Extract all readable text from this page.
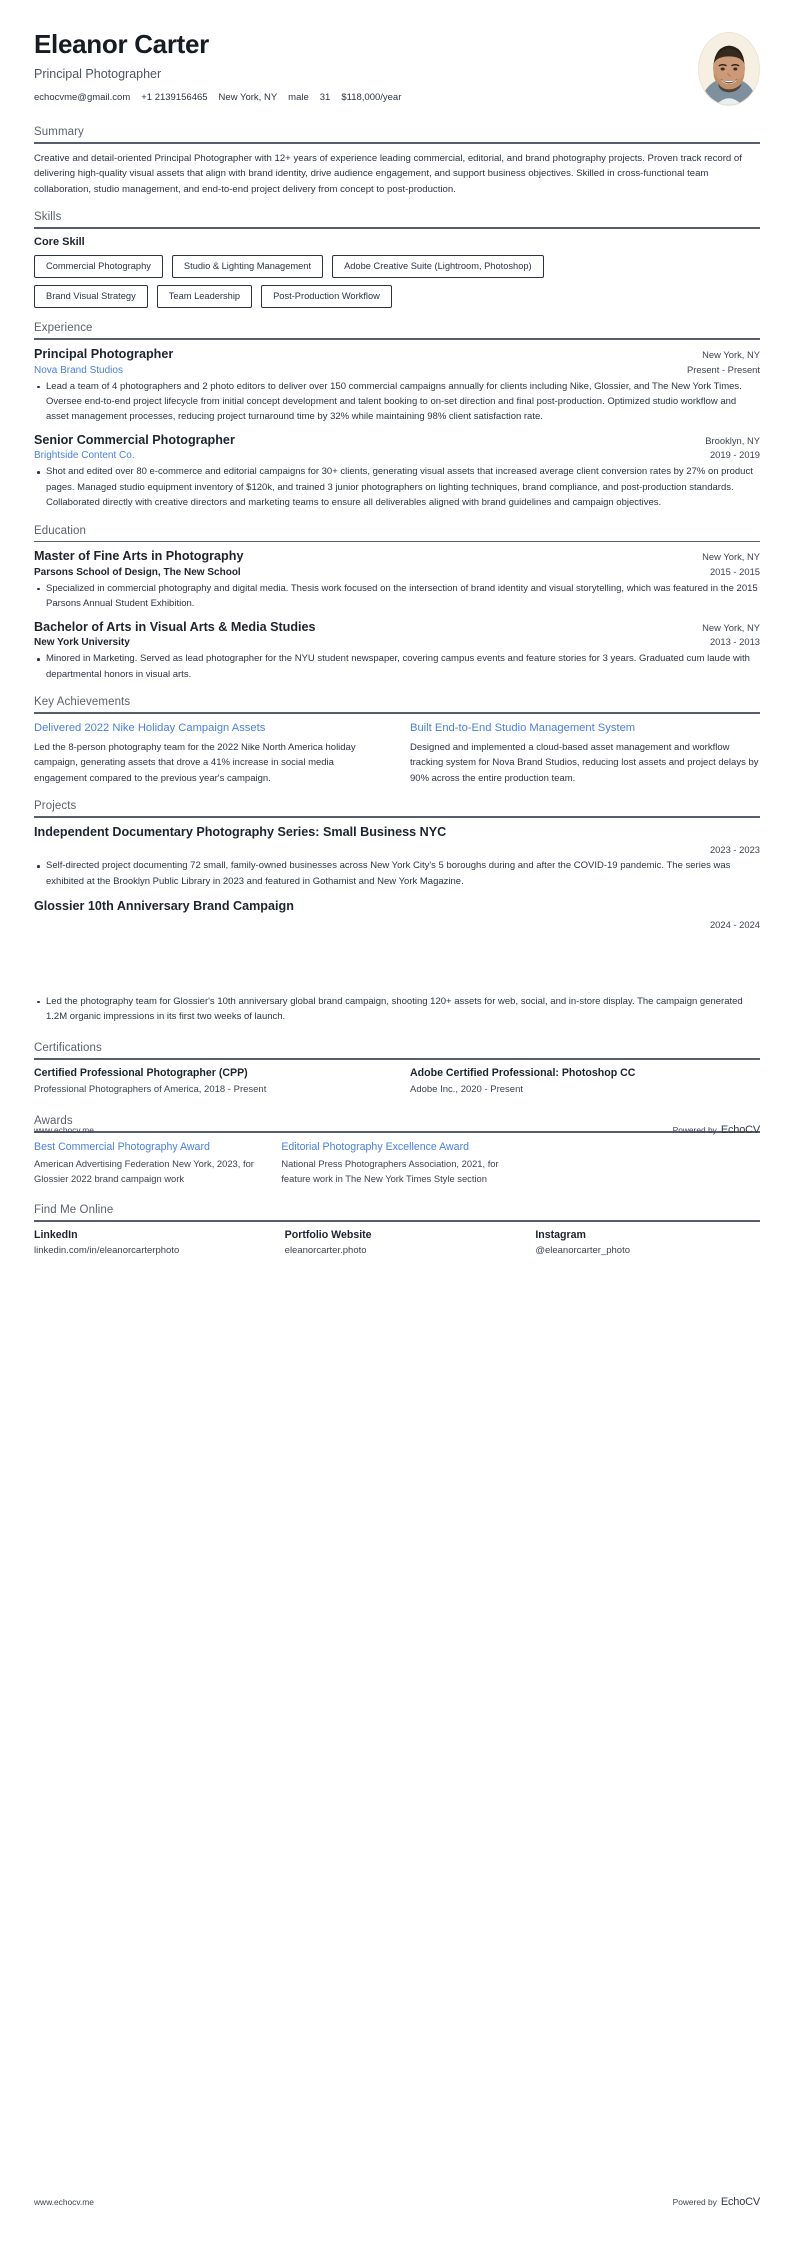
Eleanor Carter
Principal Photographer
echocvme@gmail.com +1 2139156465 New York, NY male 31 $118,000/year
Summary
Creative and detail-oriented Principal Photographer with 12+ years of experience leading commercial, editorial, and brand photography projects. Proven track record of delivering high-quality visual assets that align with brand identity, drive audience engagement, and support business objectives. Skilled in cross-functional team collaboration, studio management, and end-to-end project delivery from concept to post-production.
Skills
Core Skill
Commercial Photography	Studio & Lighting Management	Adobe Creative Suite (Lightroom, Photoshop)
Brand Visual Strategy	Team Leadership	Post-Production Workflow
Experience
Principal Photographer	New York, NY
Nova Brand Studios	Present - Present
Lead a team of 4 photographers and 2 photo editors to deliver over 150 commercial campaigns annually for clients including Nike, Glossier, and The New York Times. Oversee end-to-end project lifecycle from initial concept development and talent booking to on-set direction and final post-production. Optimized studio workflow and asset management processes, reducing project turnaround time by 32% while maintaining 98% client satisfaction rate.
Senior Commercial Photographer	Brooklyn, NY
Brightside Content Co.	2019 - 2019
Shot and edited over 80 e-commerce and editorial campaigns for 30+ clients, generating visual assets that increased average client conversion rates by 27% on product pages. Managed studio equipment inventory of $120k, and trained 3 junior photographers on lighting techniques, brand compliance, and post-production standards. Collaborated directly with creative directors and marketing teams to ensure all deliverables aligned with brand guidelines and campaign objectives.
Education
Master of Fine Arts in Photography	New York, NY
Parsons School of Design, The New School	2015 - 2015
Specialized in commercial photography and digital media. Thesis work focused on the intersection of brand identity and visual storytelling, which was featured in the 2015 Parsons Annual Student Exhibition.
Bachelor of Arts in Visual Arts & Media Studies	New York, NY
New York University	2013 - 2013
Minored in Marketing. Served as lead photographer for the NYU student newspaper, covering campus events and feature stories for 3 years. Graduated cum laude with departmental honors in visual arts.
Key Achievements
Delivered 2022 Nike Holiday Campaign Assets
Led the 8-person photography team for the 2022 Nike North America holiday campaign, generating assets that drove a 41% increase in social media engagement compared to the previous year's campaign.
Built End-to-End Studio Management System
Designed and implemented a cloud-based asset management and workflow tracking system for Nova Brand Studios, reducing lost assets and project delays by 90% across the entire production team.
Projects
Independent Documentary Photography Series: Small Business NYC
2023 - 2023
Self-directed project documenting 72 small, family-owned businesses across New York City's 5 boroughs during and after the COVID-19 pandemic. The series was exhibited at the Brooklyn Public Library in 2023 and featured in Gothamist and New York Magazine.
Glossier 10th Anniversary Brand Campaign
2024 - 2024
www.echocv.me	Powered by EchoCV
Led the photography team for Glossier's 10th anniversary global brand campaign, shooting 120+ assets for web, social, and in-store display. The campaign generated 1.2M organic impressions in its first two weeks of launch.
Certifications
Certified Professional Photographer (CPP)
Professional Photographers of America, 2018 - Present
Adobe Certified Professional: Photoshop CC
Adobe Inc., 2020 - Present
Awards
Best Commercial Photography Award
American Advertising Federation New York, 2023, for Glossier 2022 brand campaign work
Editorial Photography Excellence Award
National Press Photographers Association, 2021, for feature work in The New York Times Style section
Find Me Online
LinkedIn
linkedin.com/in/eleanorcarterphoto
Portfolio Website
eleanorcarter.photo
Instagram
@eleanorcarter_photo
www.echocv.me	Powered by EchoCV
